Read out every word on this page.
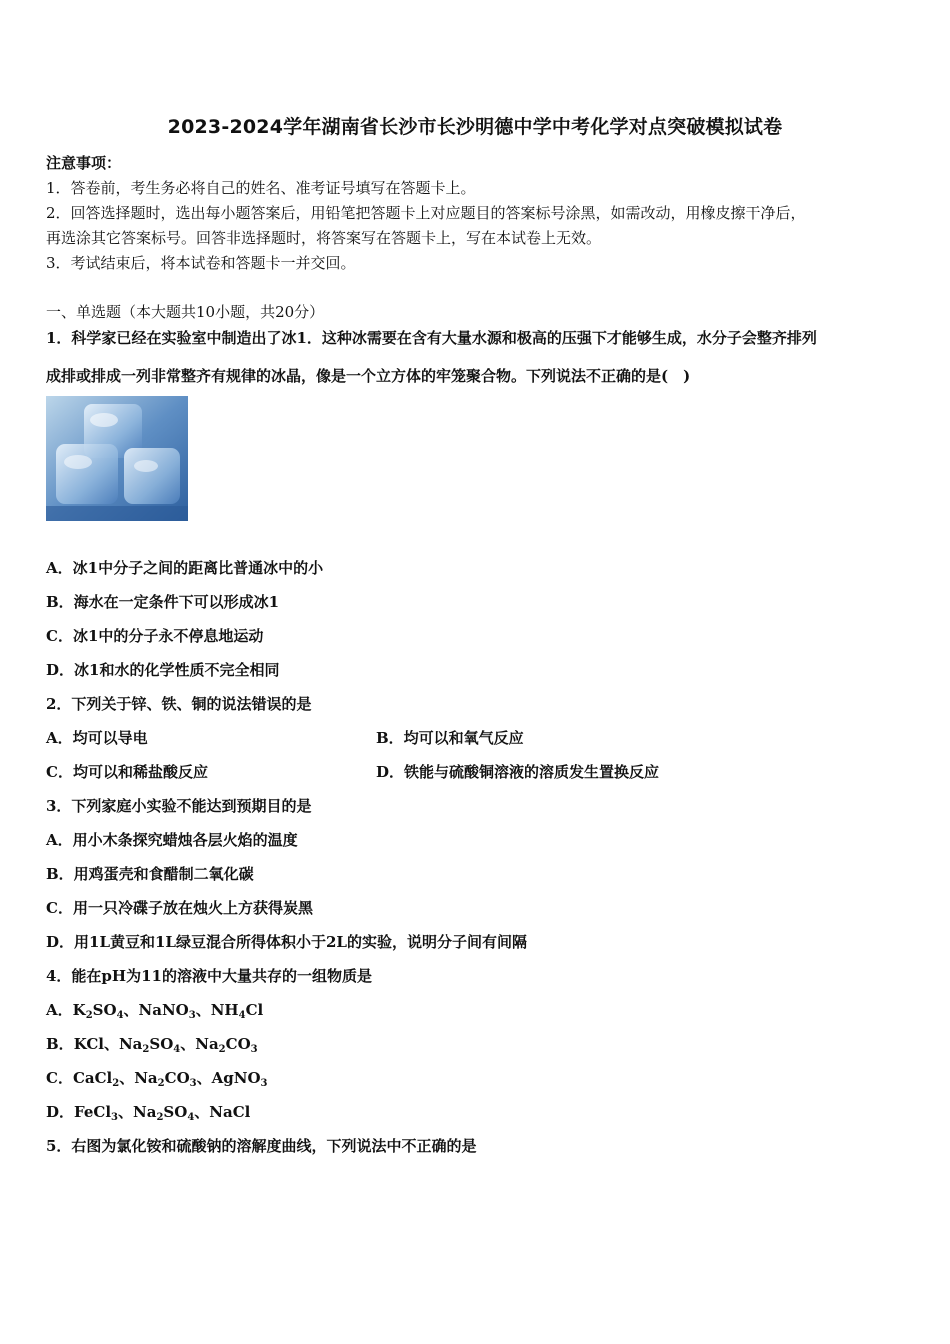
2023-2024学年湖南省长沙市长沙明德中学中考化学对点突破模拟试卷
注意事项：
1．答卷前，考生务必将自己的姓名、准考证号填写在答题卡上。
2．回答选择题时，选出每小题答案后，用铅笔把答题卡上对应题目的答案标号涂黑，如需改动，用橡皮擦干净后，
再选涂其它答案标号。回答非选择题时，将答案写在答题卡上，写在本试卷上无效。
3．考试结束后，将本试卷和答题卡一并交回。
一、单选题（本大题共10小题，共20分）
1．科学家已经在实验室中制造出了冰1．这种冰需要在含有大量水源和极高的压强下才能够生成，水分子会整齐排列
成排或排成一列非常整齐有规律的冰晶，像是一个立方体的牢笼聚合物。下列说法不正确的是(　)
A．冰1中分子之间的距离比普通冰中的小
B．海水在一定条件下可以形成冰1
C．冰1中的分子永不停息地运动
D．冰1和水的化学性质不完全相同
2．下列关于锌、铁、铜的说法错误的是
A．均可以导电	B．均可以和氧气反应
C．均可以和稀盐酸反应	D．铁能与硫酸铜溶液的溶质发生置换反应
3．下列家庭小实验不能达到预期目的是
A．用小木条探究蜡烛各层火焰的温度
B．用鸡蛋壳和食醋制二氧化碳
C．用一只冷碟子放在烛火上方获得炭黑
D．用1L黄豆和1L绿豆混合所得体积小于2L的实验，说明分子间有间隔
4．能在pH为11的溶液中大量共存的一组物质是
A．$K_2SO_4$、NaNO$_3$、$NH_4Cl$
B．KCl、$Na_2SO_4$、$Na_2CO_3$
C．CaCl$_2$、$Na_2CO_3$、AgNO$_3$
D．FeCl$_3$、$Na_2SO_4$、NaCl
5．右图为氯化铵和硫酸钠的溶解度曲线，下列说法中不正确的是
